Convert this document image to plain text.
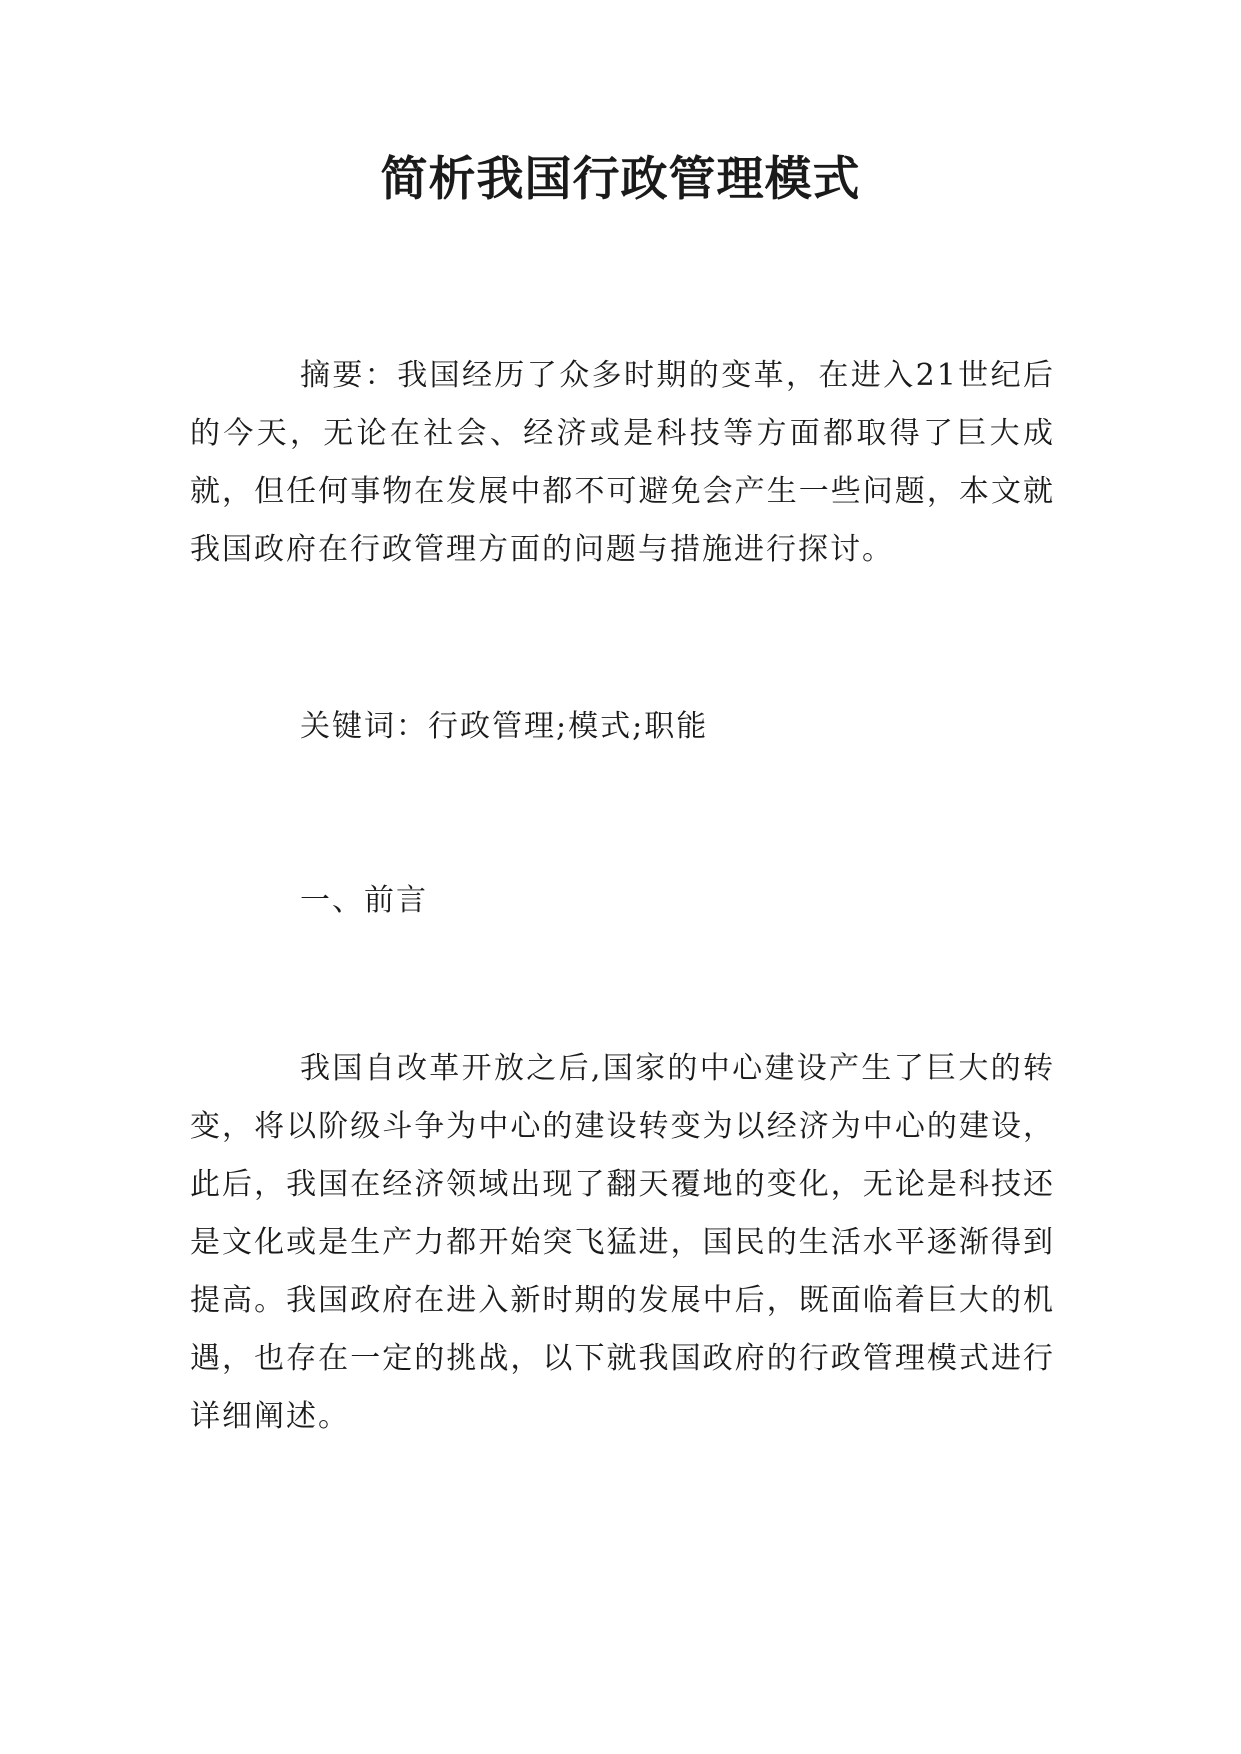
简析我国行政管理模式

摘要：我国经历了众多时期的变革，在进入21世纪后的今天，无论在社会、经济或是科技等方面都取得了巨大成就，但任何事物在发展中都不可避免会产生一些问题，本文就我国政府在行政管理方面的问题与措施进行探讨。

关键词：行政管理;模式;职能

一、前言

我国自改革开放之后,国家的中心建设产生了巨大的转变，将以阶级斗争为中心的建设转变为以经济为中心的建设，此后，我国在经济领域出现了翻天覆地的变化，无论是科技还是文化或是生产力都开始突飞猛进，国民的生活水平逐渐得到提高。我国政府在进入新时期的发展中后，既面临着巨大的机遇，也存在一定的挑战，以下就我国政府的行政管理模式进行详细阐述。
